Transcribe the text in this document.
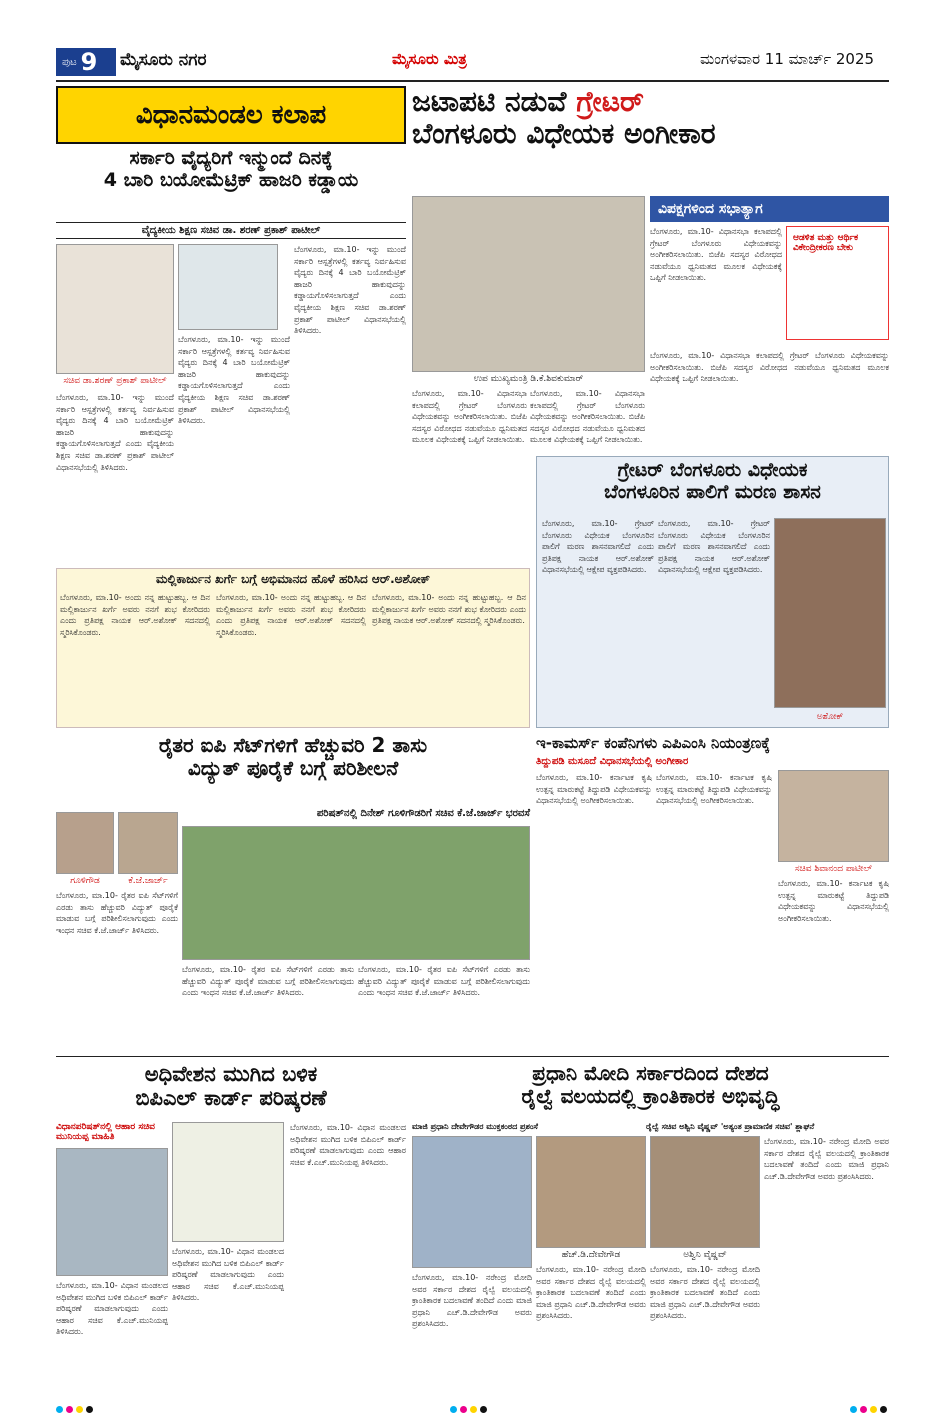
ಪುಟ 9 ಮೈಸೂರು ನಗರ	ಮೈಸೂರು ಮಿತ್ರ	ಮಂಗಳವಾರ 11 ಮಾರ್ಚ್ 2025
ವಿಧಾನಮಂಡಲ ಕಲಾಪ
ಸರ್ಕಾರಿ ವೈದ್ಯರಿಗೆ ಇನ್ಮುಂದೆ ದಿನಕ್ಕೆ
4 ಬಾರಿ ಬಯೋಮೆಟ್ರಿಕ್ ಹಾಜರಿ ಕಡ್ಡಾಯ
ವೈದ್ಯಕೀಯ ಶಿಕ್ಷಣ ಸಚಿವ ಡಾ. ಶರಣ್ ಪ್ರಕಾಶ್ ಪಾಟೀಲ್
ಸಚಿವ ಡಾ.ಶರಣ್ ಪ್ರಕಾಶ್ ಪಾಟೀಲ್
ಬೆಂಗಳೂರು, ಮಾ.10- ಇನ್ನು ಮುಂದೆ ಸರ್ಕಾರಿ ಆಸ್ಪತ್ರೆಗಳಲ್ಲಿ ಕರ್ತವ್ಯ ನಿರ್ವಹಿಸುವ ವೈದ್ಯರು ದಿನಕ್ಕೆ 4 ಬಾರಿ ಬಯೋಮೆಟ್ರಿಕ್ ಹಾಜರಿ ಹಾಕುವುದನ್ನು ಕಡ್ಡಾಯಗೊಳಿಸಲಾಗುತ್ತದೆ ಎಂದು ವೈದ್ಯಕೀಯ ಶಿಕ್ಷಣ ಸಚಿವ ಡಾ.ಶರಣ್ ಪ್ರಕಾಶ್ ಪಾಟೀಲ್ ವಿಧಾನಸಭೆಯಲ್ಲಿ ತಿಳಿಸಿದರು.
ಬೆಂಗಳೂರು, ಮಾ.10- ಇನ್ನು ಮುಂದೆ ಸರ್ಕಾರಿ ಆಸ್ಪತ್ರೆಗಳಲ್ಲಿ ಕರ್ತವ್ಯ ನಿರ್ವಹಿಸುವ ವೈದ್ಯರು ದಿನಕ್ಕೆ 4 ಬಾರಿ ಬಯೋಮೆಟ್ರಿಕ್ ಹಾಜರಿ ಹಾಕುವುದನ್ನು ಕಡ್ಡಾಯಗೊಳಿಸಲಾಗುತ್ತದೆ ಎಂದು ವೈದ್ಯಕೀಯ ಶಿಕ್ಷಣ ಸಚಿವ ಡಾ.ಶರಣ್ ಪ್ರಕಾಶ್ ಪಾಟೀಲ್ ವಿಧಾನಸಭೆಯಲ್ಲಿ ತಿಳಿಸಿದರು.
ಬೆಂಗಳೂರು, ಮಾ.10- ಇನ್ನು ಮುಂದೆ ಸರ್ಕಾರಿ ಆಸ್ಪತ್ರೆಗಳಲ್ಲಿ ಕರ್ತವ್ಯ ನಿರ್ವಹಿಸುವ ವೈದ್ಯರು ದಿನಕ್ಕೆ 4 ಬಾರಿ ಬಯೋಮೆಟ್ರಿಕ್ ಹಾಜರಿ ಹಾಕುವುದನ್ನು ಕಡ್ಡಾಯಗೊಳಿಸಲಾಗುತ್ತದೆ ಎಂದು ವೈದ್ಯಕೀಯ ಶಿಕ್ಷಣ ಸಚಿವ ಡಾ.ಶರಣ್ ಪ್ರಕಾಶ್ ಪಾಟೀಲ್ ವಿಧಾನಸಭೆಯಲ್ಲಿ ತಿಳಿಸಿದರು.
ಜಟಾಪಟಿ ನಡುವೆ ಗ್ರೇಟರ್
ಬೆಂಗಳೂರು ವಿಧೇಯಕ ಅಂಗೀಕಾರ
ವಿಪಕ್ಷಗಳಿಂದ ಸಭಾತ್ಯಾಗ
ಉಪ ಮುಖ್ಯಮಂತ್ರಿ ಡಿ.ಕೆ.ಶಿವಕುಮಾರ್
ಆಡಳಿತ ಮತ್ತು ಆರ್ಥಿಕ ವಿಕೇಂದ್ರೀಕರಣ ಬೇಕು
ಬೆಂಗಳೂರು, ಮಾ.10- ವಿಧಾನಸಭಾ ಕಲಾಪದಲ್ಲಿ ಗ್ರೇಟರ್ ಬೆಂಗಳೂರು ವಿಧೇಯಕವನ್ನು ಅಂಗೀಕರಿಸಲಾಯಿತು. ಬಿಜೆಪಿ ಸದಸ್ಯರ ವಿರೋಧದ ನಡುವೆಯೂ ಧ್ವನಿಮತದ ಮೂಲಕ ವಿಧೇಯಕಕ್ಕೆ ಒಪ್ಪಿಗೆ ನೀಡಲಾಯಿತು.
ಬೆಂಗಳೂರು, ಮಾ.10- ವಿಧಾನಸಭಾ ಕಲಾಪದಲ್ಲಿ ಗ್ರೇಟರ್ ಬೆಂಗಳೂರು ವಿಧೇಯಕವನ್ನು ಅಂಗೀಕರಿಸಲಾಯಿತು. ಬಿಜೆಪಿ ಸದಸ್ಯರ ವಿರೋಧದ ನಡುವೆಯೂ ಧ್ವನಿಮತದ ಮೂಲಕ ವಿಧೇಯಕಕ್ಕೆ ಒಪ್ಪಿಗೆ ನೀಡಲಾಯಿತು.
ಬೆಂಗಳೂರು, ಮಾ.10- ವಿಧಾನಸಭಾ ಕಲಾಪದಲ್ಲಿ ಗ್ರೇಟರ್ ಬೆಂಗಳೂರು ವಿಧೇಯಕವನ್ನು ಅಂಗೀಕರಿಸಲಾಯಿತು. ಬಿಜೆಪಿ ಸದಸ್ಯರ ವಿರೋಧದ ನಡುವೆಯೂ ಧ್ವನಿಮತದ ಮೂಲಕ ವಿಧೇಯಕಕ್ಕೆ ಒಪ್ಪಿಗೆ ನೀಡಲಾಯಿತು.
ಬೆಂಗಳೂರು, ಮಾ.10- ವಿಧಾನಸಭಾ ಕಲಾಪದಲ್ಲಿ ಗ್ರೇಟರ್ ಬೆಂಗಳೂರು ವಿಧೇಯಕವನ್ನು ಅಂಗೀಕರಿಸಲಾಯಿತು. ಬಿಜೆಪಿ ಸದಸ್ಯರ ವಿರೋಧದ ನಡುವೆಯೂ ಧ್ವನಿಮತದ ಮೂಲಕ ವಿಧೇಯಕಕ್ಕೆ ಒಪ್ಪಿಗೆ ನೀಡಲಾಯಿತು.
ಗ್ರೇಟರ್ ಬೆಂಗಳೂರು ವಿಧೇಯಕ
ಬೆಂಗಳೂರಿನ ಪಾಲಿಗೆ ಮರಣ ಶಾಸನ
ಬೆಂಗಳೂರು, ಮಾ.10- ಗ್ರೇಟರ್ ಬೆಂಗಳೂರು ವಿಧೇಯಕ ಬೆಂಗಳೂರಿನ ಪಾಲಿಗೆ ಮರಣ ಶಾಸನವಾಗಲಿದೆ ಎಂದು ಪ್ರತಿಪಕ್ಷ ನಾಯಕ ಆರ್.ಅಶೋಕ್ ವಿಧಾನಸಭೆಯಲ್ಲಿ ಆಕ್ಷೇಪ ವ್ಯಕ್ತಪಡಿಸಿದರು.
ಬೆಂಗಳೂರು, ಮಾ.10- ಗ್ರೇಟರ್ ಬೆಂಗಳೂರು ವಿಧೇಯಕ ಬೆಂಗಳೂರಿನ ಪಾಲಿಗೆ ಮರಣ ಶಾಸನವಾಗಲಿದೆ ಎಂದು ಪ್ರತಿಪಕ್ಷ ನಾಯಕ ಆರ್.ಅಶೋಕ್ ವಿಧಾನಸಭೆಯಲ್ಲಿ ಆಕ್ಷೇಪ ವ್ಯಕ್ತಪಡಿಸಿದರು.
ಅಶೋಕ್
ಮಲ್ಲಿಕಾರ್ಜುನ ಖರ್ಗೆ ಬಗ್ಗೆ ಅಭಿಮಾನದ ಹೊಳೆ ಹರಿಸಿದ ಆರ್.ಅಶೋಕ್
ಬೆಂಗಳೂರು, ಮಾ.10- ಅಂದು ನನ್ನ ಹುಟ್ಟುಹಬ್ಬ. ಆ ದಿನ ಮಲ್ಲಿಕಾರ್ಜುನ ಖರ್ಗೆ ಅವರು ನನಗೆ ಶುಭ ಕೋರಿದರು ಎಂದು ಪ್ರತಿಪಕ್ಷ ನಾಯಕ ಆರ್.ಅಶೋಕ್ ಸದನದಲ್ಲಿ ಸ್ಮರಿಸಿಕೊಂಡರು.
ಬೆಂಗಳೂರು, ಮಾ.10- ಅಂದು ನನ್ನ ಹುಟ್ಟುಹಬ್ಬ. ಆ ದಿನ ಮಲ್ಲಿಕಾರ್ಜುನ ಖರ್ಗೆ ಅವರು ನನಗೆ ಶುಭ ಕೋರಿದರು ಎಂದು ಪ್ರತಿಪಕ್ಷ ನಾಯಕ ಆರ್.ಅಶೋಕ್ ಸದನದಲ್ಲಿ ಸ್ಮರಿಸಿಕೊಂಡರು.
ಬೆಂಗಳೂರು, ಮಾ.10- ಅಂದು ನನ್ನ ಹುಟ್ಟುಹಬ್ಬ. ಆ ದಿನ ಮಲ್ಲಿಕಾರ್ಜುನ ಖರ್ಗೆ ಅವರು ನನಗೆ ಶುಭ ಕೋರಿದರು ಎಂದು ಪ್ರತಿಪಕ್ಷ ನಾಯಕ ಆರ್.ಅಶೋಕ್ ಸದನದಲ್ಲಿ ಸ್ಮರಿಸಿಕೊಂಡರು.
ರೈತರ ಐಪಿ ಸೆಟ್‌ಗಳಿಗೆ ಹೆಚ್ಚುವರಿ 2 ತಾಸು
ವಿದ್ಯುತ್ ಪೂರೈಕೆ ಬಗ್ಗೆ ಪರಿಶೀಲನೆ
ಪರಿಷತ್‌ನಲ್ಲಿ ದಿನೇಶ್ ಗೂಳಿಗೌಡರಿಗೆ ಸಚಿವ ಕೆ.ಜೆ.ಜಾರ್ಜ್ ಭರವಸೆ
ಗೂಳಿಗೌಡ	ಕೆ.ಜೆ.ಜಾರ್ಜ್
ಬೆಂಗಳೂರು, ಮಾ.10- ರೈತರ ಐಪಿ ಸೆಟ್‌ಗಳಿಗೆ ಎರಡು ತಾಸು ಹೆಚ್ಚುವರಿ ವಿದ್ಯುತ್ ಪೂರೈಕೆ ಮಾಡುವ ಬಗ್ಗೆ ಪರಿಶೀಲಿಸಲಾಗುವುದು ಎಂದು ಇಂಧನ ಸಚಿವ ಕೆ.ಜೆ.ಜಾರ್ಜ್ ತಿಳಿಸಿದರು.
ಬೆಂಗಳೂರು, ಮಾ.10- ರೈತರ ಐಪಿ ಸೆಟ್‌ಗಳಿಗೆ ಎರಡು ತಾಸು ಹೆಚ್ಚುವರಿ ವಿದ್ಯುತ್ ಪೂರೈಕೆ ಮಾಡುವ ಬಗ್ಗೆ ಪರಿಶೀಲಿಸಲಾಗುವುದು ಎಂದು ಇಂಧನ ಸಚಿವ ಕೆ.ಜೆ.ಜಾರ್ಜ್ ತಿಳಿಸಿದರು.
ಬೆಂಗಳೂರು, ಮಾ.10- ರೈತರ ಐಪಿ ಸೆಟ್‌ಗಳಿಗೆ ಎರಡು ತಾಸು ಹೆಚ್ಚುವರಿ ವಿದ್ಯುತ್ ಪೂರೈಕೆ ಮಾಡುವ ಬಗ್ಗೆ ಪರಿಶೀಲಿಸಲಾಗುವುದು ಎಂದು ಇಂಧನ ಸಚಿವ ಕೆ.ಜೆ.ಜಾರ್ಜ್ ತಿಳಿಸಿದರು.
ಇ-ಕಾಮರ್ಸ್ ಕಂಪೆನಿಗಳು ಎಪಿಎಂಸಿ ನಿಯಂತ್ರಣಕ್ಕೆ
ತಿದ್ದುಪಡಿ ಮಸೂದೆ ವಿಧಾನಸಭೆಯಲ್ಲಿ ಅಂಗೀಕಾರ
ಸಚಿವ ಶಿವಾನಂದ ಪಾಟೀಲ್
ಬೆಂಗಳೂರು, ಮಾ.10- ಕರ್ನಾಟಕ ಕೃಷಿ ಉತ್ಪನ್ನ ಮಾರುಕಟ್ಟೆ ತಿದ್ದುಪಡಿ ವಿಧೇಯಕವನ್ನು ವಿಧಾನಸಭೆಯಲ್ಲಿ ಅಂಗೀಕರಿಸಲಾಯಿತು.
ಬೆಂಗಳೂರು, ಮಾ.10- ಕರ್ನಾಟಕ ಕೃಷಿ ಉತ್ಪನ್ನ ಮಾರುಕಟ್ಟೆ ತಿದ್ದುಪಡಿ ವಿಧೇಯಕವನ್ನು ವಿಧಾನಸಭೆಯಲ್ಲಿ ಅಂಗೀಕರಿಸಲಾಯಿತು.
ಬೆಂಗಳೂರು, ಮಾ.10- ಕರ್ನಾಟಕ ಕೃಷಿ ಉತ್ಪನ್ನ ಮಾರುಕಟ್ಟೆ ತಿದ್ದುಪಡಿ ವಿಧೇಯಕವನ್ನು ವಿಧಾನಸಭೆಯಲ್ಲಿ ಅಂಗೀಕರಿಸಲಾಯಿತು.
ಅಧಿವೇಶನ ಮುಗಿದ ಬಳಿಕ
ಬಿಪಿಎಲ್ ಕಾರ್ಡ್ ಪರಿಷ್ಕರಣೆ
ವಿಧಾನಪರಿಷತ್‌ನಲ್ಲಿ ಆಹಾರ ಸಚಿವ ಮುನಿಯಪ್ಪ ಮಾಹಿತಿ
ಬೆಂಗಳೂರು, ಮಾ.10- ವಿಧಾನ ಮಂಡಲದ ಅಧಿವೇಶನ ಮುಗಿದ ಬಳಿಕ ಬಿಪಿಎಲ್ ಕಾರ್ಡ್ ಪರಿಷ್ಕರಣೆ ಮಾಡಲಾಗುವುದು ಎಂದು ಆಹಾರ ಸಚಿವ ಕೆ.ಎಚ್.ಮುನಿಯಪ್ಪ ತಿಳಿಸಿದರು.
ಬೆಂಗಳೂರು, ಮಾ.10- ವಿಧಾನ ಮಂಡಲದ ಅಧಿವೇಶನ ಮುಗಿದ ಬಳಿಕ ಬಿಪಿಎಲ್ ಕಾರ್ಡ್ ಪರಿಷ್ಕರಣೆ ಮಾಡಲಾಗುವುದು ಎಂದು ಆಹಾರ ಸಚಿವ ಕೆ.ಎಚ್.ಮುನಿಯಪ್ಪ ತಿಳಿಸಿದರು.
ಬೆಂಗಳೂರು, ಮಾ.10- ವಿಧಾನ ಮಂಡಲದ ಅಧಿವೇಶನ ಮುಗಿದ ಬಳಿಕ ಬಿಪಿಎಲ್ ಕಾರ್ಡ್ ಪರಿಷ್ಕರಣೆ ಮಾಡಲಾಗುವುದು ಎಂದು ಆಹಾರ ಸಚಿವ ಕೆ.ಎಚ್.ಮುನಿಯಪ್ಪ ತಿಳಿಸಿದರು.
ಪ್ರಧಾನಿ ಮೋದಿ ಸರ್ಕಾರದಿಂದ ದೇಶದ
ರೈಲ್ವೆ ವಲಯದಲ್ಲಿ ಕ್ರಾಂತಿಕಾರಕ ಅಭಿವೃದ್ಧಿ
ಮಾಜಿ ಪ್ರಧಾನಿ ದೇವೇಗೌಡರ ಮುಕ್ತಕಂಠದ ಪ್ರಶಂಸೆ	ರೈಲ್ವೆ ಸಚಿವ ಅಶ್ವಿನಿ ವೈಷ್ಣವ್ 'ಅತ್ಯಂತ ಪ್ರಾಮಾಣಿಕ ಸಚಿವ' ಶ್ಲಾಘನೆ
ಹೆಚ್.ಡಿ.ದೇವೇಗೌಡ	ಅಶ್ವಿನಿ ವೈಷ್ಣವ್
ಬೆಂಗಳೂರು, ಮಾ.10- ನರೇಂದ್ರ ಮೋದಿ ಅವರ ಸರ್ಕಾರ ದೇಶದ ರೈಲ್ವೆ ವಲಯದಲ್ಲಿ ಕ್ರಾಂತಿಕಾರಕ ಬದಲಾವಣೆ ತಂದಿದೆ ಎಂದು ಮಾಜಿ ಪ್ರಧಾನಿ ಎಚ್.ಡಿ.ದೇವೇಗೌಡ ಅವರು ಪ್ರಶಂಸಿಸಿದರು.
ಬೆಂಗಳೂರು, ಮಾ.10- ನರೇಂದ್ರ ಮೋದಿ ಅವರ ಸರ್ಕಾರ ದೇಶದ ರೈಲ್ವೆ ವಲಯದಲ್ಲಿ ಕ್ರಾಂತಿಕಾರಕ ಬದಲಾವಣೆ ತಂದಿದೆ ಎಂದು ಮಾಜಿ ಪ್ರಧಾನಿ ಎಚ್.ಡಿ.ದೇವೇಗೌಡ ಅವರು ಪ್ರಶಂಸಿಸಿದರು.
ಬೆಂಗಳೂರು, ಮಾ.10- ನರೇಂದ್ರ ಮೋದಿ ಅವರ ಸರ್ಕಾರ ದೇಶದ ರೈಲ್ವೆ ವಲಯದಲ್ಲಿ ಕ್ರಾಂತಿಕಾರಕ ಬದಲಾವಣೆ ತಂದಿದೆ ಎಂದು ಮಾಜಿ ಪ್ರಧಾನಿ ಎಚ್.ಡಿ.ದೇವೇಗೌಡ ಅವರು ಪ್ರಶಂಸಿಸಿದರು.
ಬೆಂಗಳೂರು, ಮಾ.10- ನರೇಂದ್ರ ಮೋದಿ ಅವರ ಸರ್ಕಾರ ದೇಶದ ರೈಲ್ವೆ ವಲಯದಲ್ಲಿ ಕ್ರಾಂತಿಕಾರಕ ಬದಲಾವಣೆ ತಂದಿದೆ ಎಂದು ಮಾಜಿ ಪ್ರಧಾನಿ ಎಚ್.ಡಿ.ದೇವೇಗೌಡ ಅವರು ಪ್ರಶಂಸಿಸಿದರು.
